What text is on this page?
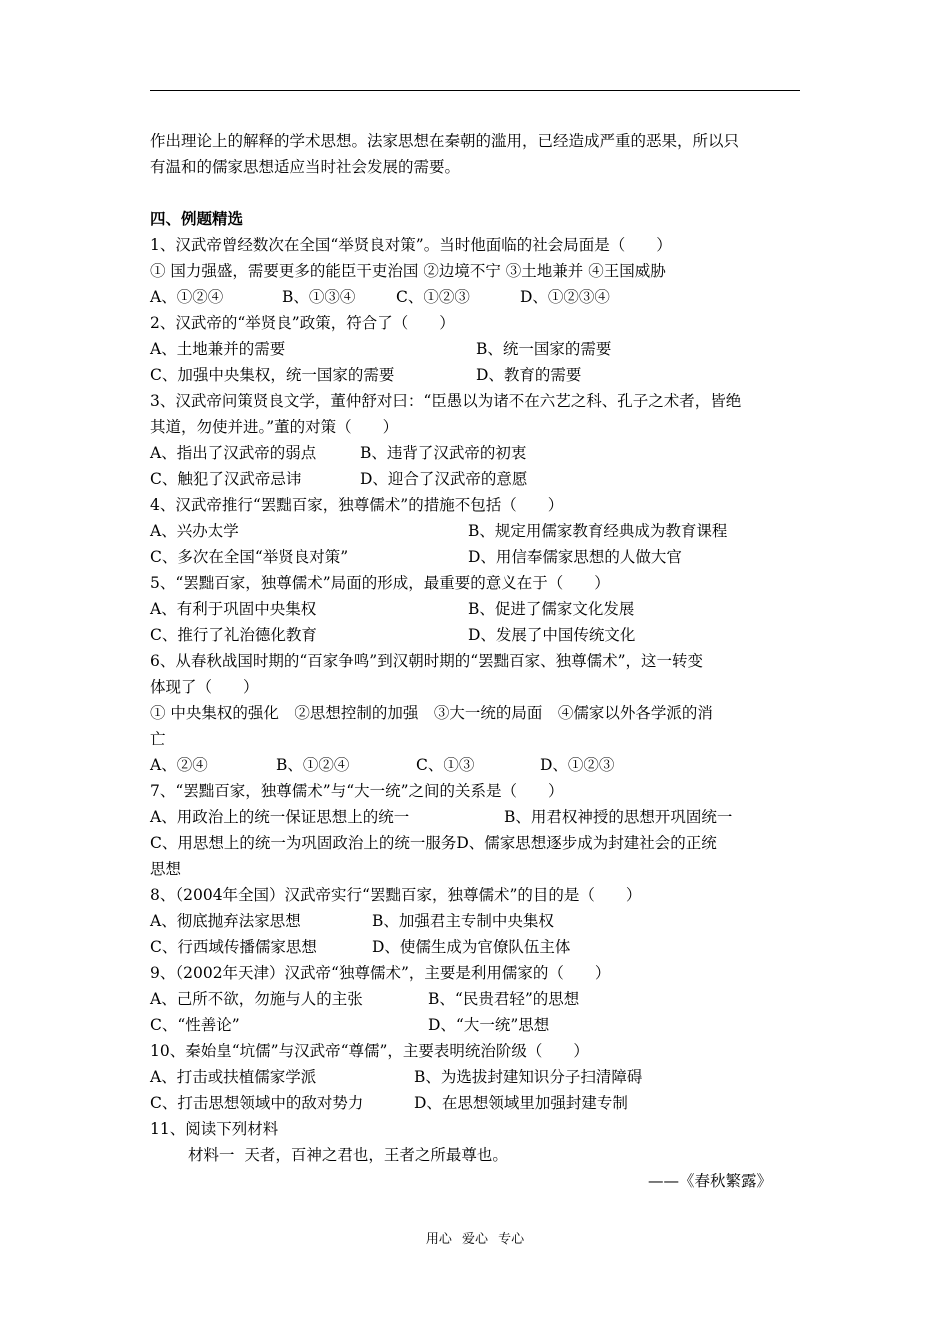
作出理论上的解释的学术思想。法家思想在秦朝的滥用，已经造成严重的恶果，所以只
有温和的儒家思想适应当时社会发展的需要。
四、例题精选
1、汉武帝曾经数次在全国“举贤良对策”。当时他面临的社会局面是（　　）
① 国力强盛，需要更多的能臣干吏治国 ②边境不宁 ③土地兼并 ④王国威胁
A、①②④	B、①③④	C、①②③	D、①②③④
2、汉武帝的“举贤良”政策，符合了（　　）
A、土地兼并的需要	B、统一国家的需要
C、加强中央集权，统一国家的需要	D、教育的需要
3、汉武帝问策贤良文学，董仲舒对曰：“臣愚以为诸不在六艺之科、孔子之术者，皆绝
其道，勿使并进。”董的对策（　　）
A、指出了汉武帝的弱点	B、违背了汉武帝的初衷
C、触犯了汉武帝忌讳	D、迎合了汉武帝的意愿
4、汉武帝推行“罢黜百家，独尊儒术”的措施不包括（　　）
A、兴办太学	B、规定用儒家教育经典成为教育课程
C、多次在全国“举贤良对策”	D、用信奉儒家思想的人做大官
5、“罢黜百家，独尊儒术”局面的形成，最重要的意义在于（　　）
A、有利于巩固中央集权	B、促进了儒家文化发展
C、推行了礼治德化教育	D、发展了中国传统文化
6、从春秋战国时期的“百家争鸣”到汉朝时期的“罢黜百家、独尊儒术”，这一转变
体现了（　　）
① 中央集权的强化　②思想控制的加强　③大一统的局面　④儒家以外各学派的消
亡
A、②④	B、①②④	C、①③	D、①②③
7、“罢黜百家，独尊儒术”与“大一统”之间的关系是（　　）
A、用政治上的统一保证思想上的统一	B、用君权神授的思想开巩固统一
C、用思想上的统一为巩固政治上的统一服务 D、儒家思想逐步成为封建社会的正统
思想
8、（2004年全国）汉武帝实行“罢黜百家，独尊儒术”的目的是（　　）
A、彻底抛弃法家思想	B、加强君主专制中央集权
C、行西域传播儒家思想	D、使儒生成为官僚队伍主体
9、（2002年天津）汉武帝“独尊儒术”，主要是利用儒家的（　　）
A、己所不欲，勿施与人的主张	B、“民贵君轻”的思想
C、“性善论”	D、“大一统”思想
10、秦始皇“坑儒”与汉武帝“尊儒”，主要表明统治阶级（　　）
A、打击或扶植儒家学派	B、为选拔封建知识分子扫清障碍
C、打击思想领域中的敌对势力	D、在思想领域里加强封建专制
11、阅读下列材料
材料一  天者，百神之君也，王者之所最尊也。
——《春秋繁露》
用心 爱心 专心
